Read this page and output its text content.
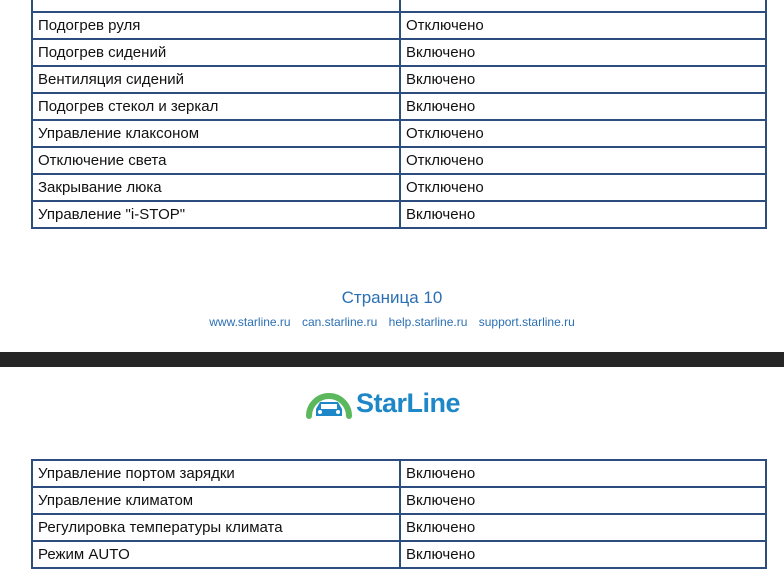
Подогрев руля	Отключено
Подогрев сидений	Включено
Вентиляция сидений	Включено
Подогрев стекол и зеркал	Включено
Управление клаксоном	Отключено
Отключение света	Отключено
Закрывание люка	Отключено
Управление "i-STOP"	Включено
Страница 10
www.starline.ru can.starline.ru help.starline.ru support.starline.ru
StarLine
Управление портом зарядки	Включено
Управление климатом	Включено
Регулировка температуры климата	Включено
Режим AUTO	Включено
